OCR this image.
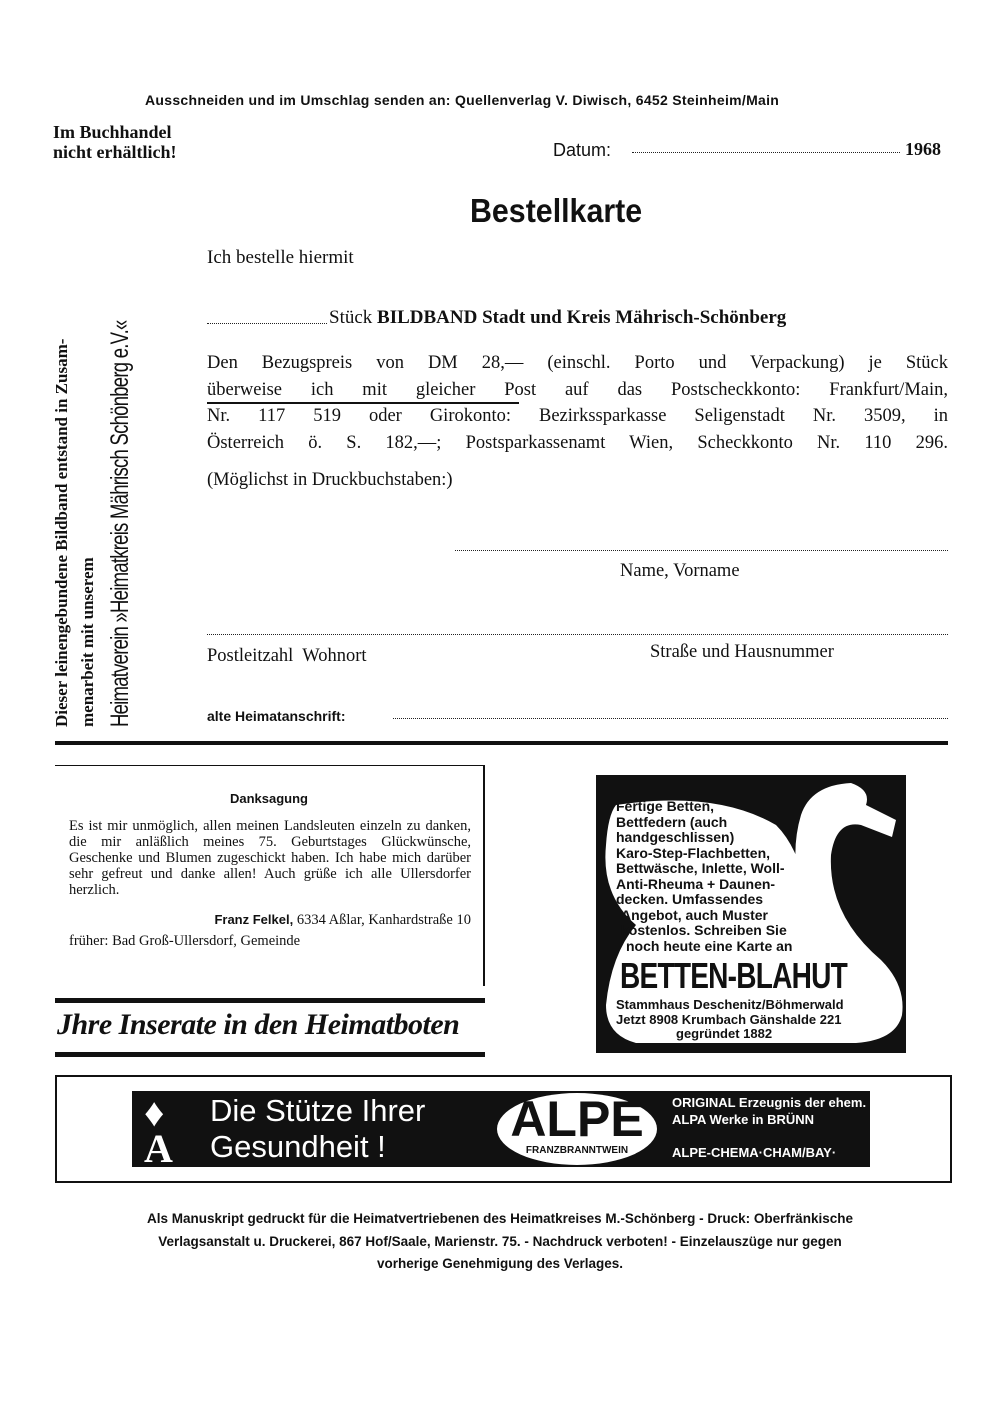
Ausschneiden und im Umschlag senden an: Quellenverlag V. Diwisch, 6452 Steinheim/Main
Im Buchhandel
nicht erhältlich!	Datum:	1968
Dieser leinengebundene Bildband entstand in Zusam- menarbeit mit unserem Heimatverein »Heimatkreis Mährisch Schönberg e.V.«
Bestellkarte
Ich bestelle hiermit
Stück BILDBAND Stadt und Kreis Mährisch-Schönberg
Den Bezugspreis von DM 28,— (einschl. Porto und Verpackung) je Stück
überweise ich mit gleicher Post auf das Postscheckkonto: Frankfurt/Main,
Nr. 117 519 oder Girokonto: Bezirkssparkasse Seligenstadt Nr. 3509, in
Österreich ö. S. 182,—; Postsparkassenamt Wien, Scheckkonto Nr. 110 296.
(Möglichst in Druckbuchstaben:)
Name, Vorname
Postleitzahl  Wohnort	Straße und Hausnummer
alte Heimatanschrift:
Danksagung
Es ist mir unmöglich, allen meinen Landsleuten einzeln zu danken, die mir anläßlich meines 75. Geburtstages Glückwünsche, Geschenke und Blumen zugeschickt haben. Ich habe mich darüber sehr gefreut und danke allen! Auch grüße ich alle Ullersdorfer herzlich.
Franz Felkel, 6334 Aßlar, Kanhardstraße 10
früher: Bad Groß-Ullersdorf, Gemeinde
Jhre Inserate in den Heimatboten
Fertige Betten,
Bettfedern (auch
handgeschlissen)
Karo-Step-Flachbetten,
Bettwäsche, Inlette, Woll-
Anti-Rheuma + Daunen-
decken. Umfassendes
Angebot, auch Muster
kostenlos. Schreiben Sie
noch heute eine Karte an
BETTEN-BLAHUT
Stammhaus Deschenitz/Böhmerwald
Jetzt 8908 Krumbach Gänshalde 221
gegründet 1882
♦
A
Die Stütze Ihrer
Gesundheit !	ALPE
FRANZBRANNTWEIN
ORIGINAL Erzeugnis der ehem.
ALPA Werke in BRÜNN
ALPE-CHEMA·CHAM/BAY·
Als Manuskript gedruckt für die Heimatvertriebenen des Heimatkreises M.-Schönberg - Druck: Oberfränkische
Verlagsanstalt u. Druckerei, 867 Hof/Saale, Marienstr. 75. - Nachdruck verboten! - Einzelauszüge nur gegen
vorherige Genehmigung des Verlages.
